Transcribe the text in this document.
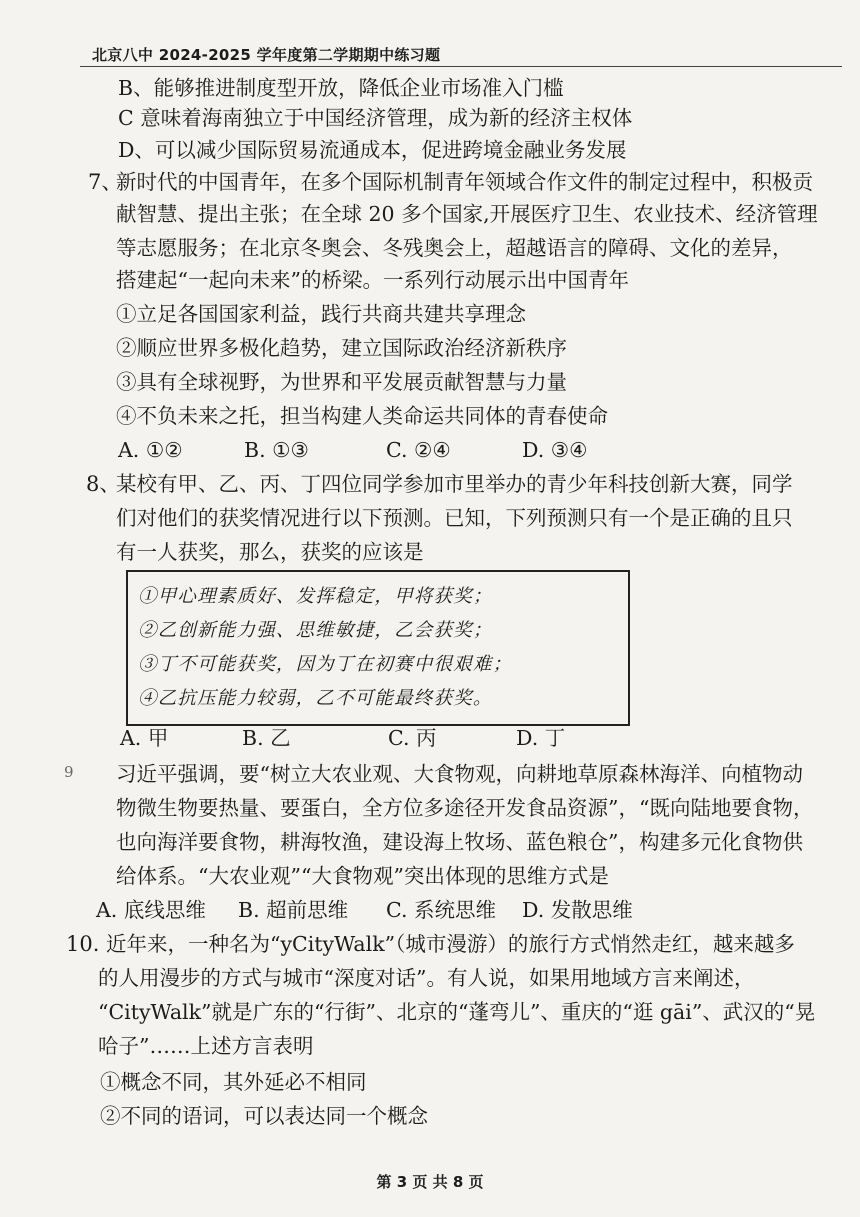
北京八中 2024-2025 学年度第二学期期中练习题
B、能够推进制度型开放，降低企业市场准入门槛
C 意味着海南独立于中国经济管理，成为新的经济主权体
D、可以减少国际贸易流通成本，促进跨境金融业务发展
7、
新时代的中国青年，在多个国际机制青年领域合作文件的制定过程中，积极贡
献智慧、提出主张；在全球 20 多个国家,开展医疗卫生、农业技术、经济管理
等志愿服务；在北京冬奥会、冬残奥会上，超越语言的障碍、文化的差异，
搭建起“一起向未来”的桥梁。一系列行动展示出中国青年
①立足各国国家利益，践行共商共建共享理念
②顺应世界多极化趋势，建立国际政治经济新秩序
③具有全球视野，为世界和平发展贡献智慧与力量
④不负未来之托，担当构建人类命运共同体的青春使命
A. ①②	B. ①③	C. ②④	D. ③④
8、
某校有甲、乙、丙、丁四位同学参加市里举办的青少年科技创新大赛，同学
们对他们的获奖情况进行以下预测。已知，下列预测只有一个是正确的且只
有一人获奖，那么，获奖的应该是
①甲心理素质好、发挥稳定，甲将获奖；
②乙创新能力强、思维敏捷，乙会获奖；
③丁不可能获奖，因为丁在初赛中很艰难；
④乙抗压能力较弱，乙不可能最终获奖。
A. 甲	B. 乙	C. 丙	D. 丁
9 习近平强调，要“树立大农业观、大食物观，向耕地草原森林海洋、向植物动
物微生物要热量、要蛋白，全方位多途径开发食品资源”，“既向陆地要食物，
也向海洋要食物，耕海牧渔，建设海上牧场、蓝色粮仓”，构建多元化食物供
给体系。“大农业观”“大食物观”突出体现的思维方式是
A. 底线思维 B. 超前思维 C. 系统思维 D. 发散思维
10. 近年来，一种名为“yCityWalk”（城市漫游）的旅行方式悄然走红，越来越多
的人用漫步的方式与城市“深度对话”。有人说，如果用地域方言来阐述，
“CityWalk”就是广东的“行街”、北京的“蓬弯儿”、重庆的“逛 gāi”、武汉的“晃
哈子”……上述方言表明
①概念不同，其外延必不相同
②不同的语词，可以表达同一个概念
第 3 页 共 8 页
